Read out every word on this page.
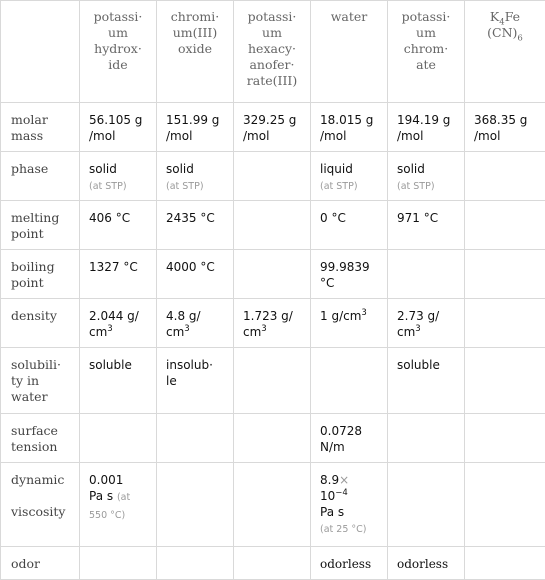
	potassi·
um
hydrox·
ide	chromi·
um(III)
oxide	potassi·
um
hexacy·
anofer·
rate(III)	water	potassi·
um
chrom·
ate	$K_4Fe$
$(CN)_6$
molar
mass	56.105 g
/mol	151.99 g
/mol	329.25 g
/mol	18.015 g
/mol	194.19 g
/mol	368.35 g
/mol
phase	solid
(at STP)	solid
(at STP)		liquid
(at STP)	solid
(at STP)	
melting
point	406 °C	2435 °C		0 °C	971 °C	
boiling
point	1327 °C	4000 °C		99.9839
°C		
density	2.044 g/
$cm^3$	4.8 g/
$cm^3$	1.723 g/
$cm^3$	1 $g/cm^3$	2.73 g/
$cm^3$	
solubili·
ty in
water	soluble	insolub·
le			soluble	
surface
tension				0.0728
N/m		
dynamic

viscosity	0.001
Pa s (at
550 °C)			8.9×
$10^{-4}$
Pa s
(at 25 °C)		
odor				odorless	odorless	
